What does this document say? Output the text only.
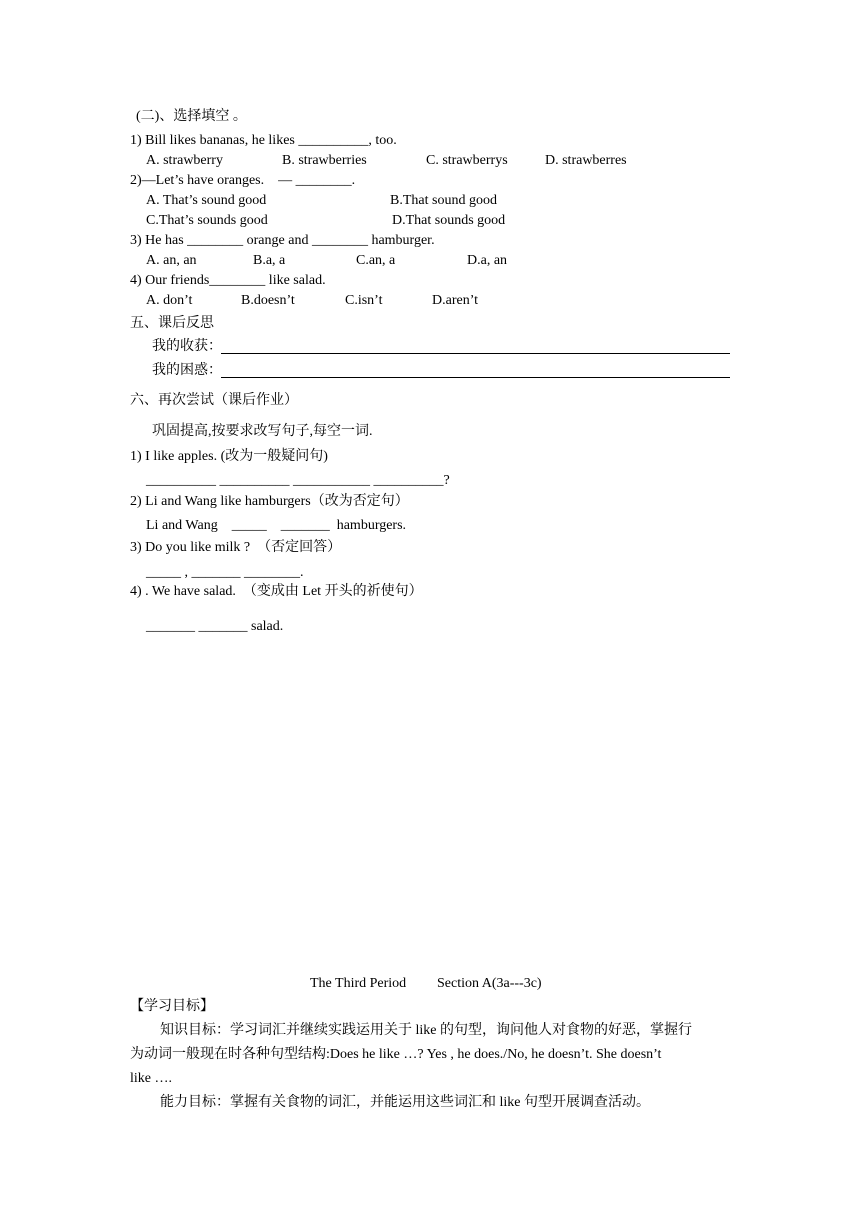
(二)、选择填空 。
1) Bill likes bananas, he likes __________, too.
A. strawberry	B. strawberries	C. strawberrys	D. strawberres
2)—Let’s have oranges.    — ________.
A. That’s sound good	B.That sound good
C.That’s sounds good	D.That sounds good
3) He has ________ orange and ________ hamburger.
A. an, an	B.a, a	C.an, a	D.a, an
4) Our friends________ like salad.
A. don’t	B.doesn’t	C.isn’t	D.aren’t
五、课后反思
我的收获：
我的困惑：
六、再次尝试（课后作业）
巩固提高,按要求改写句子,每空一词.
1) I like apples. (改为一般疑问句)
__________ __________ ___________ __________?
2) Li and Wang like hamburgers（改为否定句）
Li and Wang    _____    _______  hamburgers.
3) Do you like milk ?  （否定回答）
_____ , _______ ________.
4) . We have salad.  （变成由 Let 开头的祈使句）
_______ _______ salad.
The Third Period Section A(3a---3c)
【学习目标】
知识目标：学习词汇并继续实践运用关于 like 的句型，询问他人对食物的好恶，掌握行
为动词一般现在时各种句型结构:Does he like …? Yes , he does./No, he doesn’t. She doesn’t
like ….
能力目标：掌握有关食物的词汇，并能运用这些词汇和 like 句型开展调查活动。
